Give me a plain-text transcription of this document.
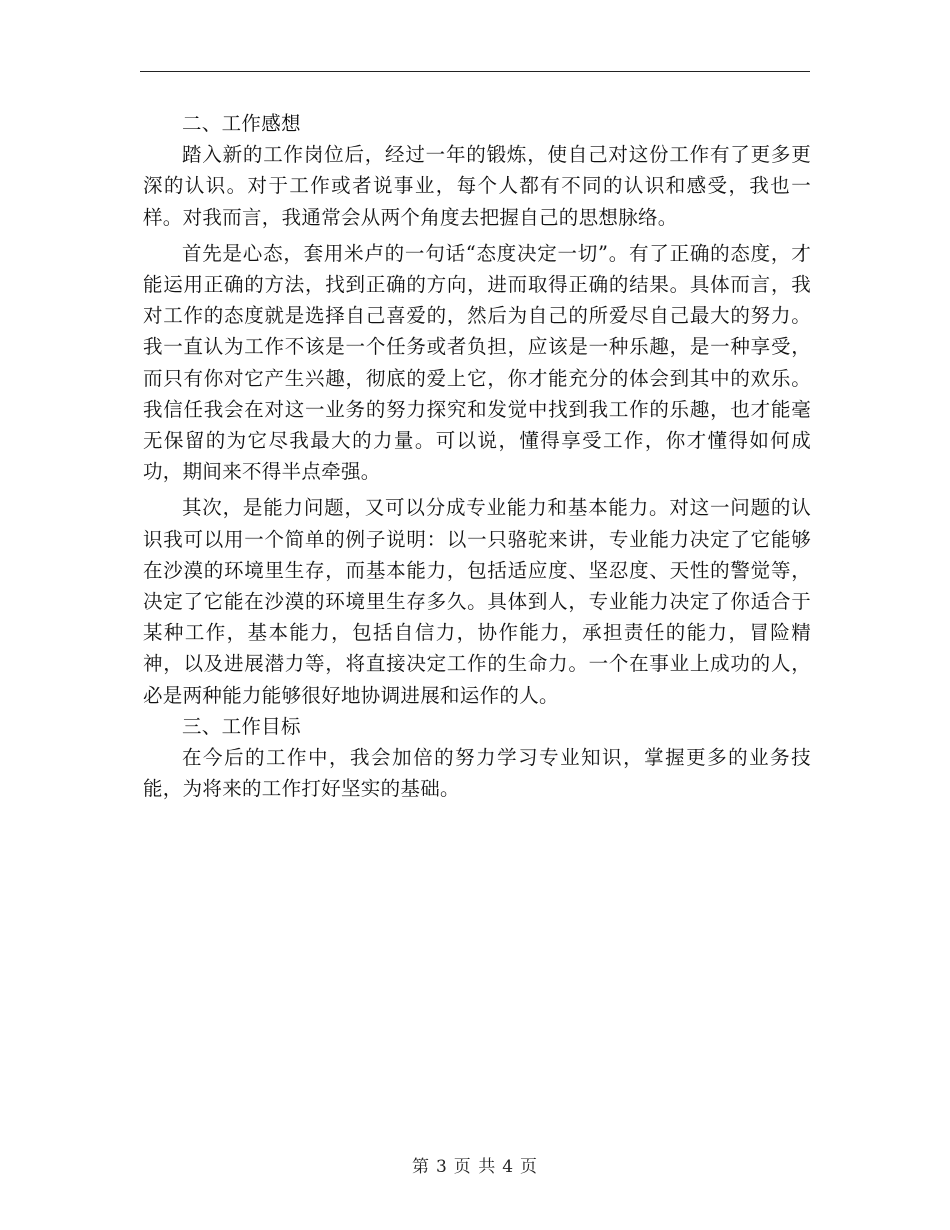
二、工作感想

踏入新的工作岗位后，经过一年的锻炼，使自己对这份工作有了更多更深的认识。对于工作或者说事业，每个人都有不同的认识和感受，我也一样。对我而言，我通常会从两个角度去把握自己的思想脉络。

首先是心态，套用米卢的一句话“态度决定一切”。有了正确的态度，才能运用正确的方法，找到正确的方向，进而取得正确的结果。具体而言，我对工作的态度就是选择自己喜爱的，然后为自己的所爱尽自己最大的努力。我一直认为工作不该是一个任务或者负担，应该是一种乐趣，是一种享受，而只有你对它产生兴趣，彻底的爱上它，你才能充分的体会到其中的欢乐。我信任我会在对这一业务的努力探究和发觉中找到我工作的乐趣，也才能毫无保留的为它尽我最大的力量。可以说，懂得享受工作，你才懂得如何成功，期间来不得半点牵强。

其次，是能力问题，又可以分成专业能力和基本能力。对这一问题的认识我可以用一个简单的例子说明：以一只骆驼来讲，专业能力决定了它能够在沙漠的环境里生存，而基本能力，包括适应度、坚忍度、天性的警觉等，决定了它能在沙漠的环境里生存多久。具体到人，专业能力决定了你适合于某种工作，基本能力，包括自信力，协作能力，承担责任的能力，冒险精神，以及进展潜力等，将直接决定工作的生命力。一个在事业上成功的人，必是两种能力能够很好地协调进展和运作的人。

三、工作目标

在今后的工作中，我会加倍的努力学习专业知识，掌握更多的业务技能，为将来的工作打好坚实的基础。

第 3 页 共 4 页
